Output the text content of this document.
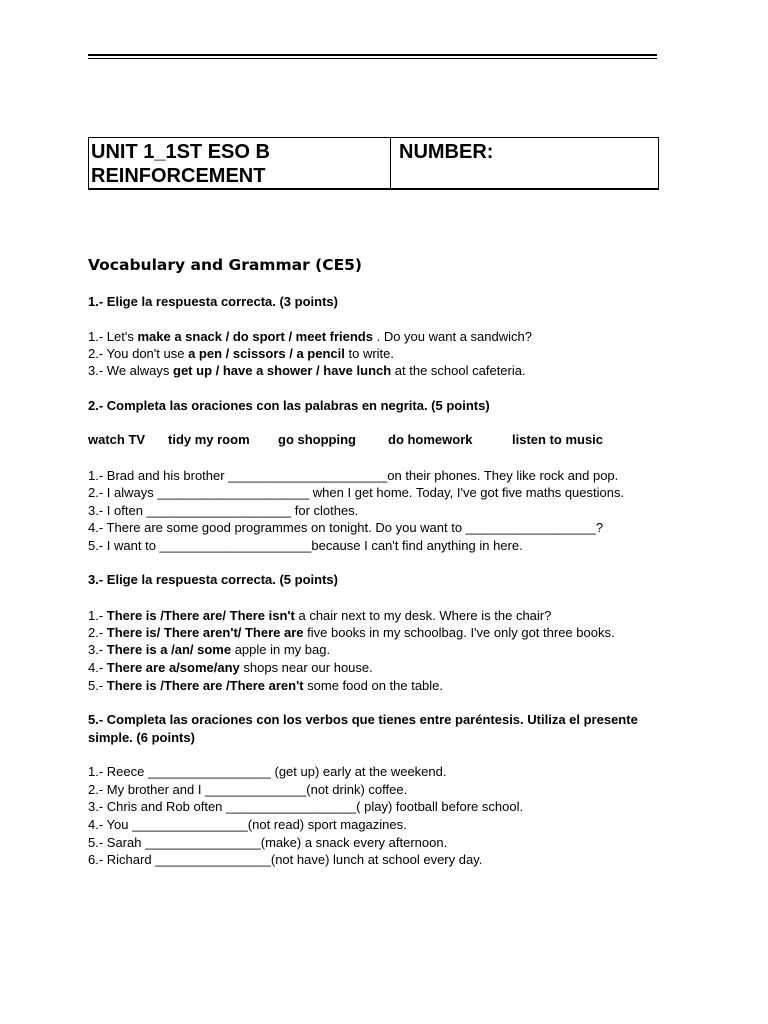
UNIT 1_1ST ESO B
REINFORCEMENT

NUMBER:
Vocabulary and Grammar (CE5)
1.- Elige la respuesta correcta. (3 points)
1.- Let's make a snack / do sport / meet friends . Do you want a sandwich?
2.- You don't use a pen / scissors / a pencil to write.
3.- We always get up / have a shower / have lunch at the school cafeteria.
2.- Completa las oraciones con las palabras en negrita. (5 points)
watch TV tidy my room go shopping do homework	listen to music
1.- Brad and his brother ______________________on their phones. They like rock and pop.
2.- I always _____________________ when I get home. Today, I've got five maths questions.
3.- I often ____________________ for clothes.
4.- There are some good programmes on tonight. Do you want to __________________?
5.- I want to _____________________because I can't find anything in here.
3.- Elige la respuesta correcta. (5 points)
1.- There is /There are/ There isn't a chair next to my desk. Where is the chair?
2.- There is/ There aren't/ There are five books in my schoolbag. I've only got three books.
3.- There is a /an/ some apple in my bag.
4.- There are a/some/any shops near our house.
5.- There is /There are /There aren't some food on the table.
5.- Completa las oraciones con los verbos que tienes entre paréntesis. Utiliza el presente
simple. (6 points)
1.- Reece _________________ (get up) early at the weekend.
2.- My brother and I ______________(not drink) coffee.
3.- Chris and Rob often __________________( play) football before school.
4.- You ________________(not read) sport magazines.
5.- Sarah ________________(make) a snack every afternoon.
6.- Richard ________________(not have) lunch at school every day.
